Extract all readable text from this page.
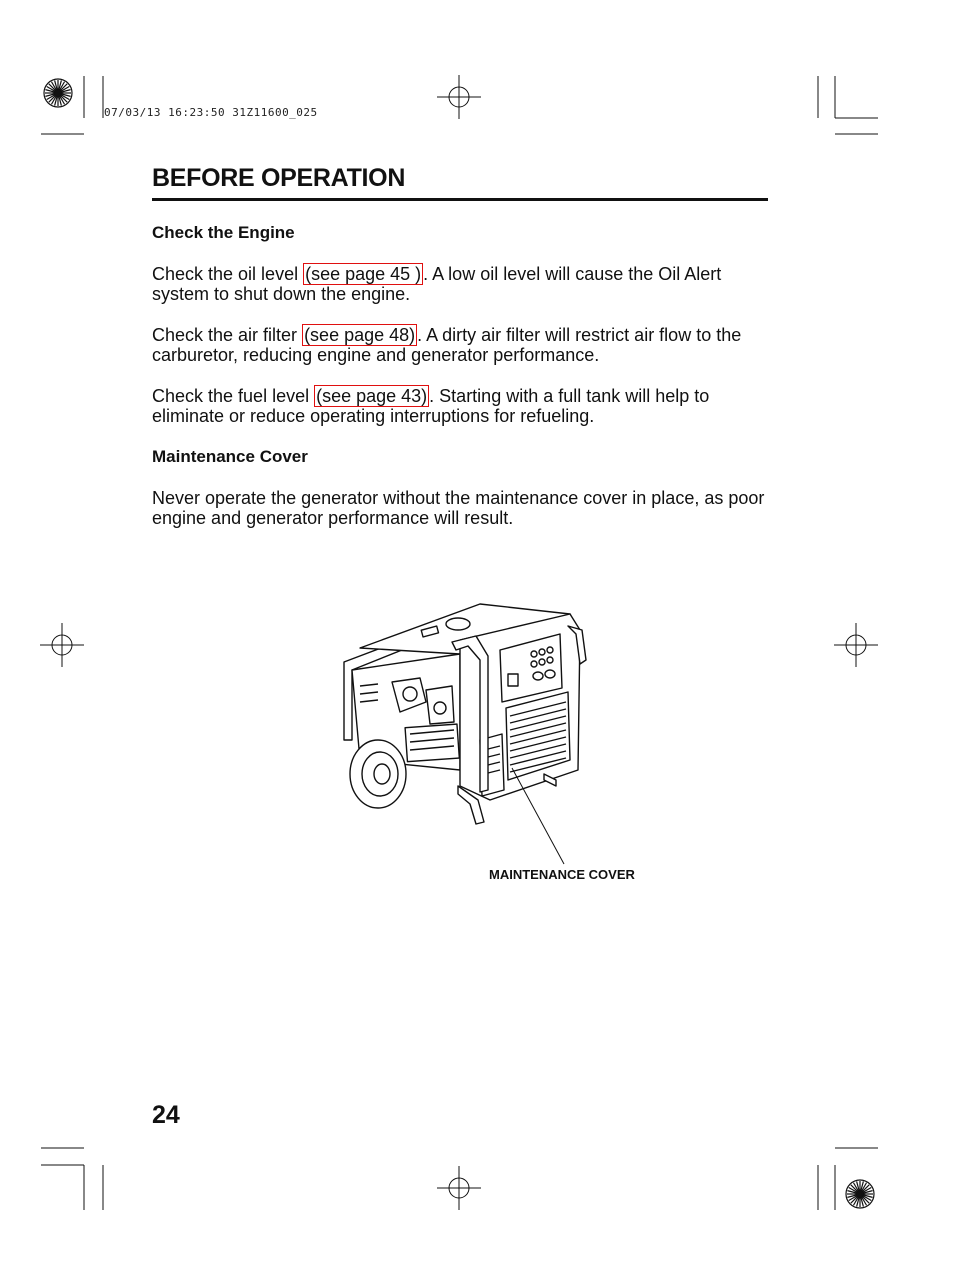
07/03/13 16:23:50 31Z11600_025
BEFORE OPERATION
Check the Engine
Check the oil level (see page 45 ) . A low oil level will cause the Oil Alert system to shut down the engine.
Check the air filter (see page 48) . A dirty air filter will restrict air flow to the carburetor, reducing engine and generator performance.
Check the fuel level (see page 43) . Starting with a full tank will help to eliminate or reduce operating interruptions for refueling.
Maintenance Cover
Never operate the generator without the maintenance cover in place, as poor engine and generator performance will result.
MAINTENANCE COVER
24
